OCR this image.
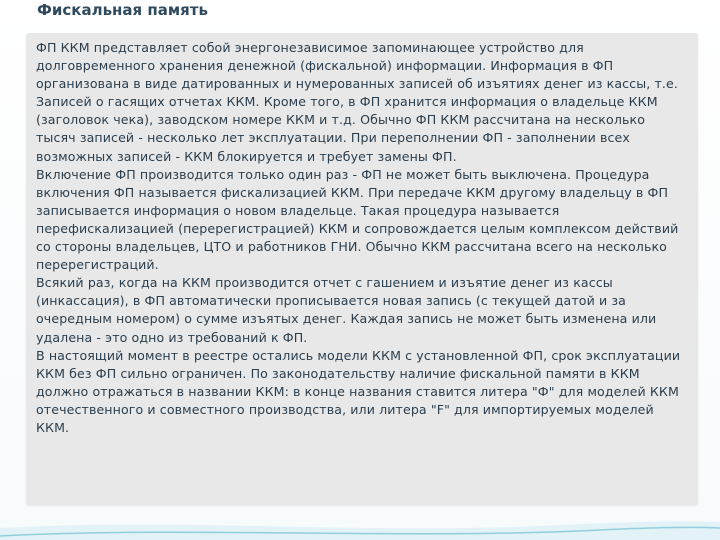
Фискальная память

ФП ККМ представляет собой энергонезависимое запоминающее устройство для
долговременного хранения денежной (фискальной) информации. Информация в ФП
организована в виде датированных и нумерованных записей об изъятиях денег из кассы, т.е.
Записей о гасящих отчетах ККМ. Кроме того, в ФП хранится информация о владельце ККМ
(заголовок чека), заводском номере ККМ и т.д. Обычно ФП ККМ рассчитана на несколько
тысяч записей - несколько лет эксплуатации. При переполнении ФП - заполнении всех
возможных записей - ККМ блокируется и требует замены ФП.

Включение ФП производится только один раз - ФП не может быть выключена. Процедура
включения ФП называется фискализацией ККМ. При передаче ККМ другому владельцу в ФП
записывается информация о новом владельце. Такая процедура называется
перефискализацией (перерегистрацией) ККМ и сопровождается целым комплексом действий
со стороны владельцев, ЦТО и работников ГНИ. Обычно ККМ рассчитана всего на несколько
перерегистраций.

Всякий раз, когда на ККМ производится отчет с гашением и изъятие денег из кассы
(инкассация), в ФП автоматически прописывается новая запись (с текущей датой и за
очередным номером) о сумме изъятых денег. Каждая запись не может быть изменена или
удалена - это одно из требований к ФП.

В настоящий момент в реестре остались модели ККМ с установленной ФП, срок эксплуатации
ККМ без ФП сильно ограничен. По законодательству наличие фискальной памяти в ККМ
должно отражаться в названии ККМ: в конце названия ставится литера "Ф" для моделей ККМ
отечественного и совместного производства, или литера "F" для импортируемых моделей
ККМ.
